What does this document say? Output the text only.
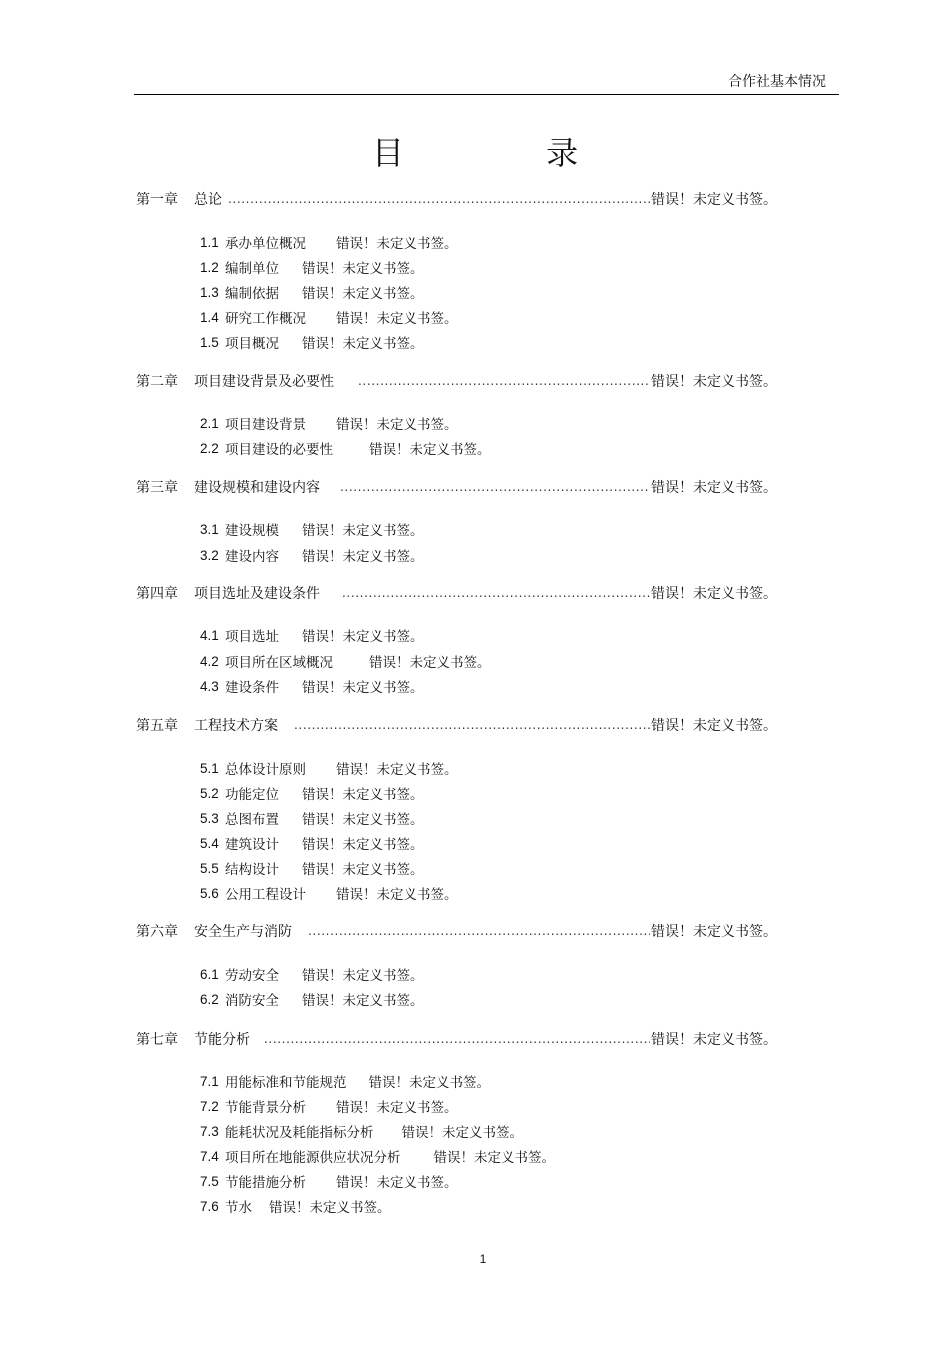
合作社基本情况
目 录
第一章	总论 .....	错误！未定义书签。
1.1 承办单位概况 错误！未定义书签。
1.2 编制单位 错误！未定义书签。
1.3 编制依据 错误！未定义书签。
1.4 研究工作概况 错误！未定义书签。
1.5 项目概况 错误！未定义书签。
第二章	项目建设背景及必要性 .....	错误！未定义书签。
2.1 项目建设背景 错误！未定义书签。
2.2 项目建设的必要性	错误！未定义书签。
第三章	建设规模和建设内容 .....	错误！未定义书签。
3.1 建设规模 错误！未定义书签。
3.2 建设内容 错误！未定义书签。
第四章	项目选址及建设条件 .....	错误！未定义书签。
4.1 项目选址 错误！未定义书签。
4.2 项目所在区域概况	错误！未定义书签。
4.3 建设条件 错误！未定义书签。
第五章	工程技术方案 .....	错误！未定义书签。
5.1 总体设计原则 错误！未定义书签。
5.2 功能定位 错误！未定义书签。
5.3 总图布置 错误！未定义书签。
5.4 建筑设计 错误！未定义书签。
5.5 结构设计 错误！未定义书签。
5.6 公用工程设计 错误！未定义书签。
第六章	安全生产与消防 .....	错误！未定义书签。
6.1 劳动安全 错误！未定义书签。
6.2 消防安全 错误！未定义书签。
第七章	节能分析 .....	错误！未定义书签。
7.1 用能标准和节能规范 错误！未定义书签。
7.2 节能背景分析 错误！未定义书签。
7.3 能耗状况及耗能指标分析 错误！未定义书签。
7.4 项目所在地能源供应状况分析 错误！未定义书签。
7.5 节能措施分析 错误！未定义书签。
7.6 节水 错误！未定义书签。
1
